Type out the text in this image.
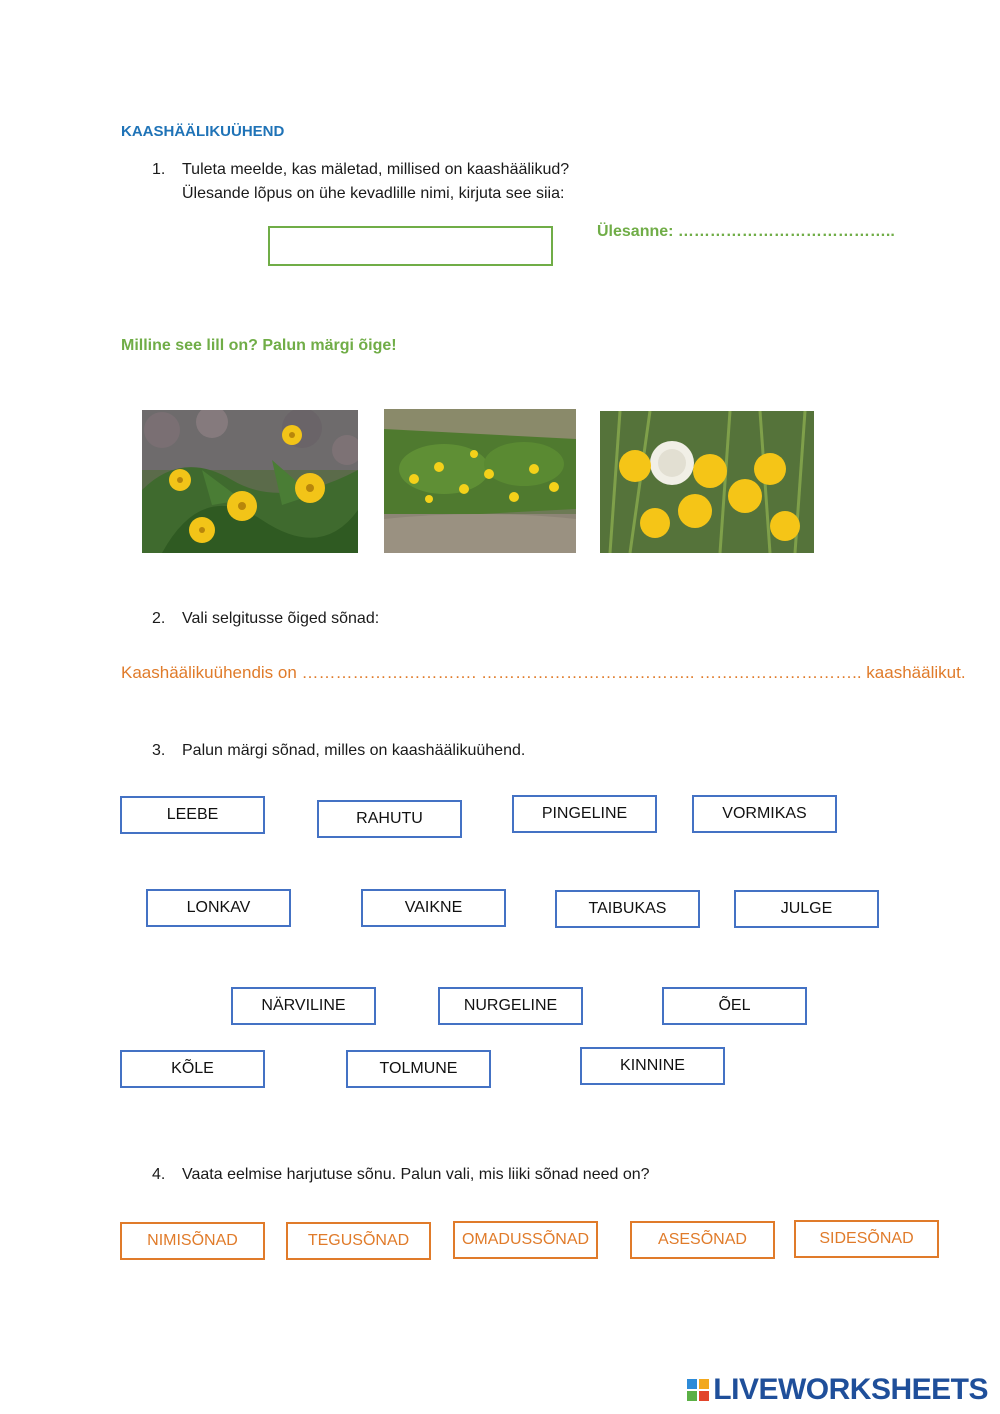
KAASHÄÄLIKUÜHEND
1. Tuleta meelde, kas mäletad, millised on kaashäälikud?
Ülesande lõpus on ühe kevadlille nimi, kirjuta see siia:
Ülesanne: …………………………………..
Milline see lill on? Palun märgi õige!
2. Vali selgitusse õiged sõnad:
Kaashäälikuühendis on …………………………. ……………………………….. ……………………….. kaashäälikut.
3. Palun märgi sõnad, milles on kaashäälikuühend.
LEEBE	RAHUTU	PINGELINE	VORMIKAS
LONKAV	VAIKNE	TAIBUKAS	JULGE
NÄRVILINE	NURGELINE	ÕEL
KÕLE	TOLMUNE	KINNINE
4. Vaata eelmise harjutuse sõnu. Palun vali, mis liiki sõnad need on?
NIMISÕNAD	TEGUSÕNAD	OMADUSSÕNAD	ASESÕNAD	SIDESÕNAD
LIVEWORKSHEETS
